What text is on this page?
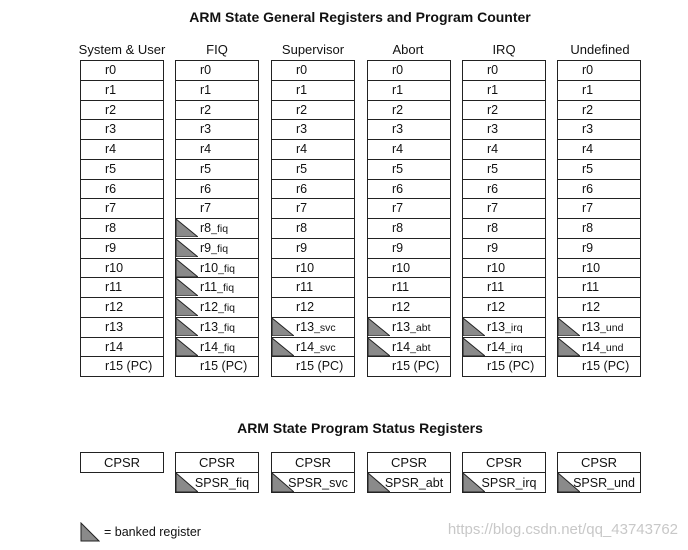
ARM State General Registers and Program Counter
System & User
r0
r1
r2
r3
r4
r5
r6
r7
r8
r9
r10
r11
r12
r13
r14
r15 (PC)
FIQ
r0
r1
r2
r3
r4
r5
r6
r7
r8_fiq
r9_fiq
r10_fiq
r11_fiq
r12_fiq
r13_fiq
r14_fiq
r15 (PC)
Supervisor
r0
r1
r2
r3
r4
r5
r6
r7
r8
r9
r10
r11
r12
r13_svc
r14_svc
r15 (PC)
Abort
r0
r1
r2
r3
r4
r5
r6
r7
r8
r9
r10
r11
r12
r13_abt
r14_abt
r15 (PC)
IRQ
r0
r1
r2
r3
r4
r5
r6
r7
r8
r9
r10
r11
r12
r13_irq
r14_irq
r15 (PC)
Undefined
r0
r1
r2
r3
r4
r5
r6
r7
r8
r9
r10
r11
r12
r13_und
r14_und
r15 (PC)
ARM State Program Status Registers
CPSR	CPSR
SPSR_fiq
CPSR
SPSR_svc
CPSR
SPSR_abt
CPSR
SPSR_irq
CPSR
SPSR_und
= banked register	https://blog.csdn.net/qq_43743762
